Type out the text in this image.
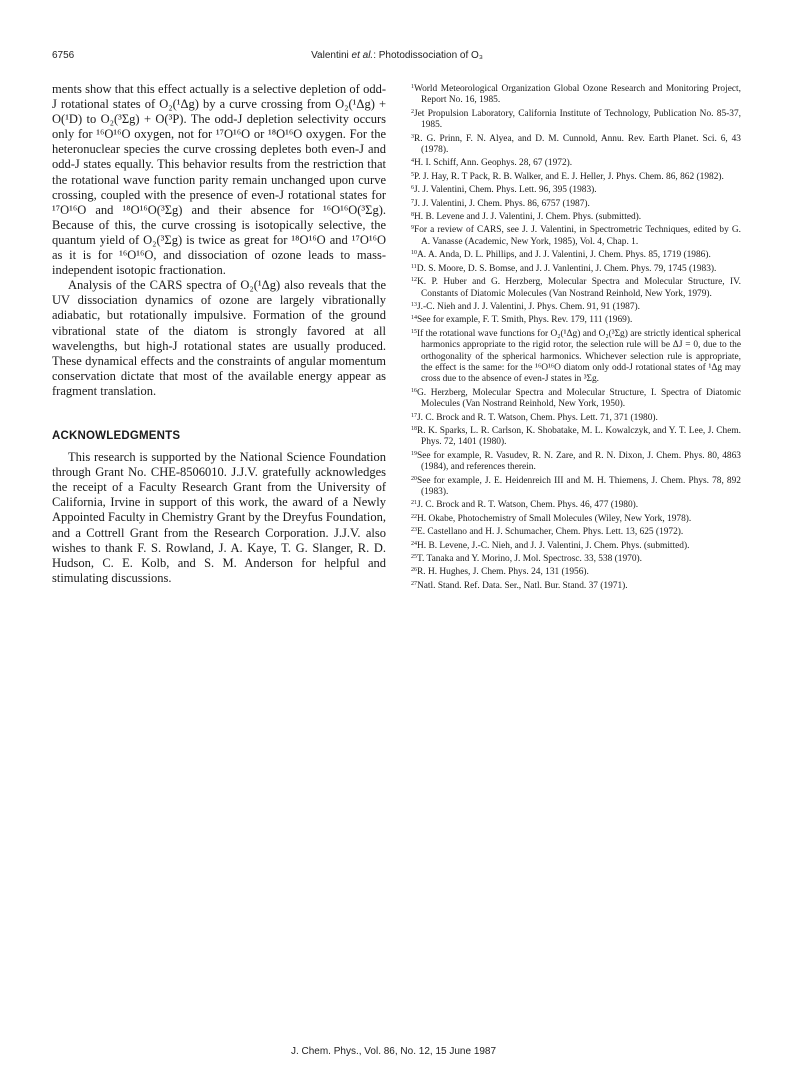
6756	Valentini et al.: Photodissociation of O₃

ments show that this effect actually is a selective depletion of odd-J rotational states of O₂(¹Δg) by a curve crossing from O₂(¹Δg) + O(¹D) to O₂(³Σg) + O(³P). The odd-J depletion selectivity occurs only for ¹⁶O¹⁶O oxygen, not for ¹⁷O¹⁶O or ¹⁸O¹⁶O oxygen. For the heteronuclear species the curve crossing depletes both even-J and odd-J states equally. This behavior results from the restriction that the rotational wave function parity remain unchanged upon curve crossing, coupled with the presence of even-J rotational states for ¹⁷O¹⁶O and ¹⁸O¹⁶O(³Σg) and their absence for ¹⁶O¹⁶O(³Σg). Because of this, the curve crossing is isotopically selective, the quantum yield of O₂(³Σg) is twice as great for ¹⁸O¹⁶O and ¹⁷O¹⁶O as it is for ¹⁶O¹⁶O, and dissociation of ozone leads to mass-independent isotopic fractionation.

Analysis of the CARS spectra of O₂(¹Δg) also reveals that the UV dissociation dynamics of ozone are largely vibrationally adiabatic, but rotationally impulsive. Formation of the ground vibrational state of the diatom is strongly favored at all wavelengths, but high-J rotational states are usually produced. These dynamical effects and the constraints of angular momentum conservation dictate that most of the available energy appear as fragment translation.

ACKNOWLEDGMENTS

This research is supported by the National Science Foundation through Grant No. CHE-8506010. J.J.V. gratefully acknowledges the receipt of a Faculty Research Grant from the University of California, Irvine in support of this work, the award of a Newly Appointed Faculty in Chemistry Grant by the Dreyfus Foundation, and a Cottrell Grant from the Research Corporation. J.J.V. also wishes to thank F. S. Rowland, J. A. Kaye, T. G. Slanger, R. D. Hudson, C. E. Kolb, and S. M. Anderson for helpful and stimulating discussions.

$^1$World Meteorological Organization Global Ozone Research and Monitoring Project, Report No. 16, 1985.
$^2$Jet Propulsion Laboratory, California Institute of Technology, Publication No. 85-37, 1985.
$^3$R. G. Prinn, F. N. Alyea, and D. M. Cunnold, Annu. Rev. Earth Planet. Sci. 6, 43 (1978).
$^4$H. I. Schiff, Ann. Geophys. 28, 67 (1972).
$^5$P. J. Hay, R. T Pack, R. B. Walker, and E. J. Heller, J. Phys. Chem. 86, 862 (1982).
$^6$J. J. Valentini, Chem. Phys. Lett. 96, 395 (1983).
$^7$J. J. Valentini, J. Chem. Phys. 86, 6757 (1987).
$^8$H. B. Levene and J. J. Valentini, J. Chem. Phys. (submitted).
$^9$For a review of CARS, see J. J. Valentini, in Spectrometric Techniques, edited by G. A. Vanasse (Academic, New York, 1985), Vol. 4, Chap. 1.
$^{10}$A. A. Anda, D. L. Phillips, and J. J. Valentini, J. Chem. Phys. 85, 1719 (1986).
$^{11}$D. S. Moore, D. S. Bomse, and J. J. Vanlentini, J. Chem. Phys. 79, 1745 (1983).
$^{12}$K. P. Huber and G. Herzberg, Molecular Spectra and Molecular Structure, IV. Constants of Diatomic Molecules (Van Nostrand Reinhold, New York, 1979).
$^{13}$J.-C. Nieh and J. J. Valentini, J. Phys. Chem. 91, 91 (1987).
$^{14}$See for example, F. T. Smith, Phys. Rev. 179, 111 (1969).
$^{15}$If the rotational wave functions for O₂(¹Δg) and O₂(³Σg) are strictly identical spherical harmonics appropriate to the rigid rotor, the selection rule will be ΔJ = 0, due to the orthogonality of the spherical harmonics. Whichever selection rule is appropriate, the effect is the same: for the ¹⁶O¹⁶O diatom only odd-J rotational states of ¹Δg may cross due to the absence of even-J states in ³Σg.
$^{16}$G. Herzberg, Molecular Spectra and Molecular Structure, I. Spectra of Diatomic Molecules (Van Nostrand Reinhold, New York, 1950).
$^{17}$J. C. Brock and R. T. Watson, Chem. Phys. Lett. 71, 371 (1980).
$^{18}$R. K. Sparks, L. R. Carlson, K. Shobatake, M. L. Kowalczyk, and Y. T. Lee, J. Chem. Phys. 72, 1401 (1980).
$^{19}$See for example, R. Vasudev, R. N. Zare, and R. N. Dixon, J. Chem. Phys. 80, 4863 (1984), and references therein.
$^{20}$See for example, J. E. Heidenreich III and M. H. Thiemens, J. Chem. Phys. 78, 892 (1983).
$^{21}$J. C. Brock and R. T. Watson, Chem. Phys. 46, 477 (1980).
$^{22}$H. Okabe, Photochemistry of Small Molecules (Wiley, New York, 1978).
$^{23}$E. Castellano and H. J. Schumacher, Chem. Phys. Lett. 13, 625 (1972).
$^{24}$H. B. Levene, J.-C. Nieh, and J. J. Valentini, J. Chem. Phys. (submitted).
$^{25}$T. Tanaka and Y. Morino, J. Mol. Spectrosc. 33, 538 (1970).
$^{26}$R. H. Hughes, J. Chem. Phys. 24, 131 (1956).
$^{27}$Natl. Stand. Ref. Data. Ser., Natl. Bur. Stand. 37 (1971).
J. Chem. Phys., Vol. 86, No. 12, 15 June 1987
